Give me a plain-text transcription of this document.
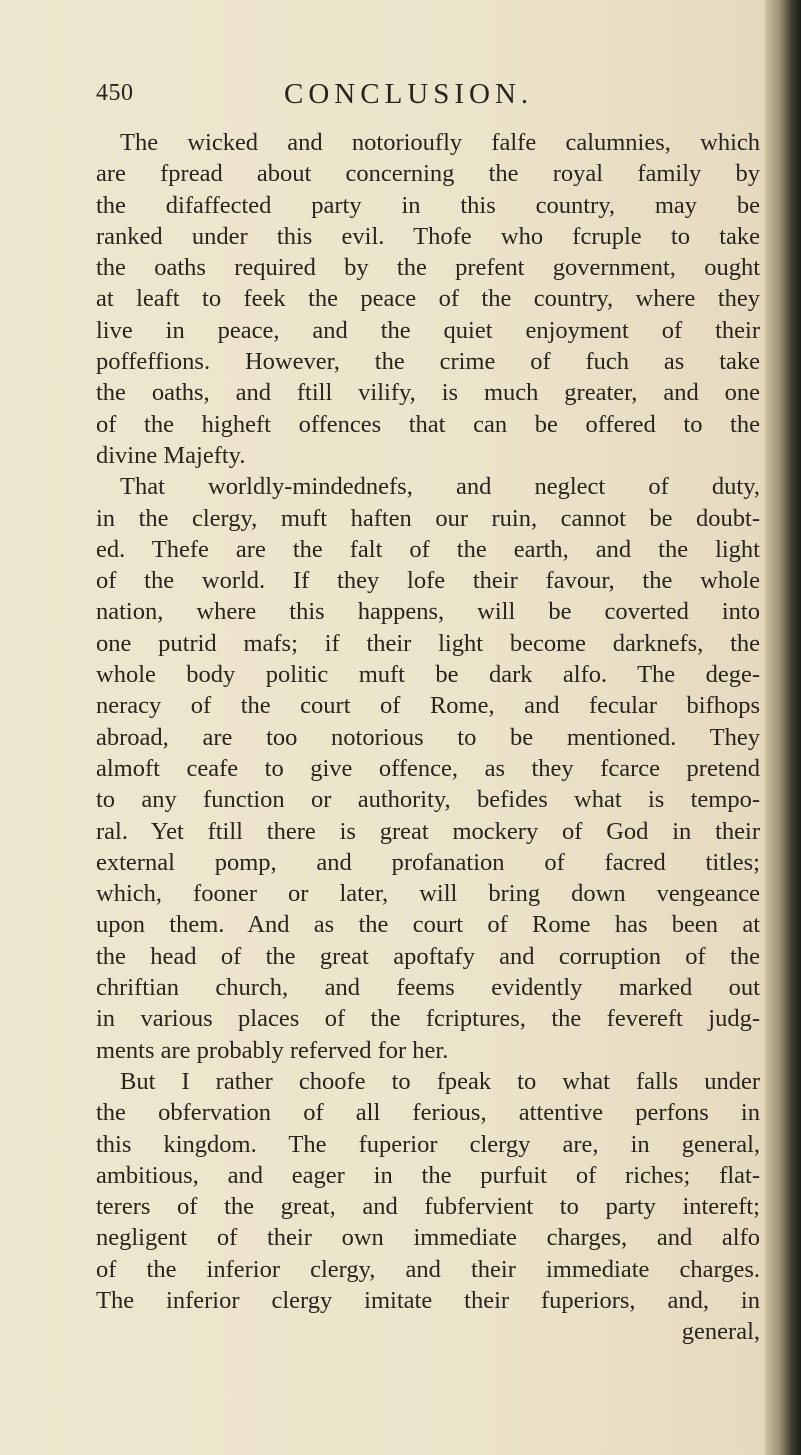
450	CONCLUSION.
The wicked and notorioufly falfe calumnies, which
are fpread about concerning the royal family by
the difaffected party in this country, may be
ranked under this evil. Thofe who fcruple to take
the oaths required by the prefent government, ought
at leaft to feek the peace of the country, where they
live in peace, and the quiet enjoyment of their
poffeffions. However, the crime of fuch as take
the oaths, and ftill vilify, is much greater, and one
of the higheft offences that can be offered to the
divine Majefty.
That worldly-mindednefs, and neglect of duty,
in the clergy, muft haften our ruin, cannot be doubt-
ed. Thefe are the falt of the earth, and the light
of the world. If they lofe their favour, the whole
nation, where this happens, will be coverted into
one putrid mafs; if their light become darknefs, the
whole body politic muft be dark alfo. The dege-
neracy of the court of Rome, and fecular bifhops
abroad, are too notorious to be mentioned. They
almoft ceafe to give offence, as they fcarce pretend
to any function or authority, befides what is tempo-
ral. Yet ftill there is great mockery of God in their
external pomp, and profanation of facred titles;
which, fooner or later, will bring down vengeance
upon them. And as the court of Rome has been at
the head of the great apoftafy and corruption of the
chriftian church, and feems evidently marked out
in various places of the fcriptures, the fevereft judg-
ments are probably referved for her.
But I rather choofe to fpeak to what falls under
the obfervation of all ferious, attentive perfons in
this kingdom. The fuperior clergy are, in general,
ambitious, and eager in the purfuit of riches; flat-
terers of the great, and fubfervient to party intereft;
negligent of their own immediate charges, and alfo
of the inferior clergy, and their immediate charges.
The inferior clergy imitate their fuperiors, and, in
general,
